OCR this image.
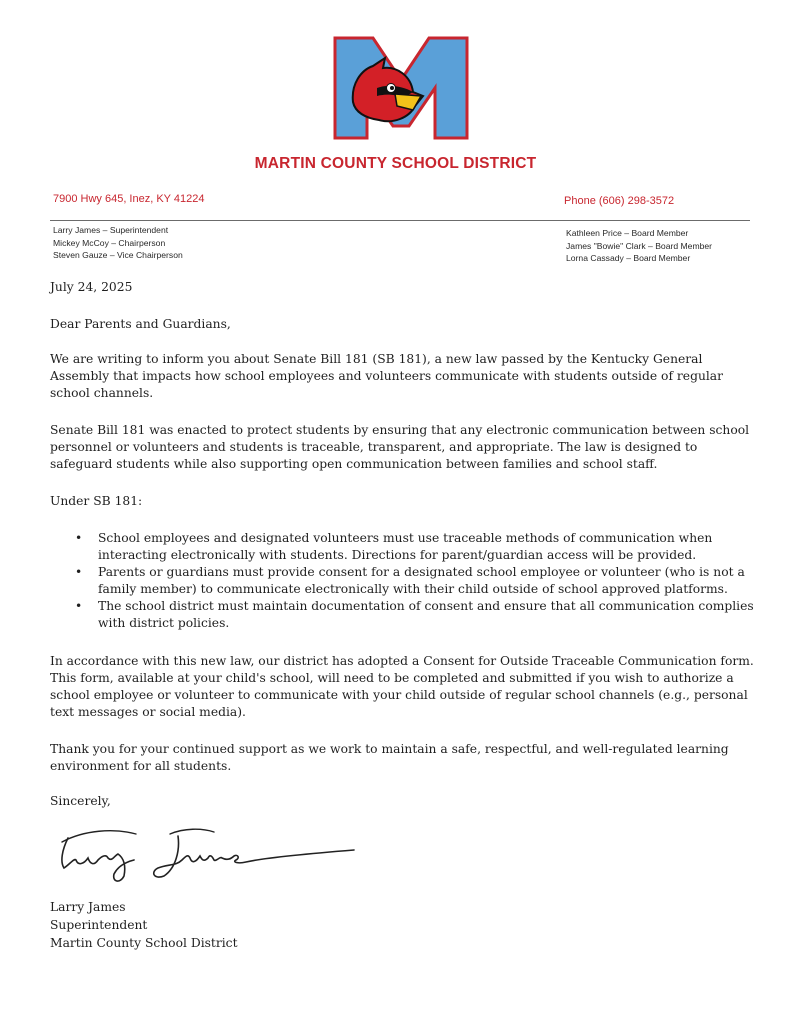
MARTIN COUNTY SCHOOL DISTRICT
7900 Hwy 645, Inez, KY 41224	Phone (606) 298-3572
Larry James – Superintendent
Mickey McCoy – Chairperson
Steven Gauze – Vice Chairperson
Kathleen Price – Board Member
James "Bowie" Clark – Board Member
Lorna Cassady – Board Member
July 24, 2025
Dear Parents and Guardians,

We are writing to inform you about Senate Bill 181 (SB 181), a new law passed by the Kentucky General Assembly that impacts how school employees and volunteers communicate with students outside of regular school channels.

Senate Bill 181 was enacted to protect students by ensuring that any electronic communication between school personnel or volunteers and students is traceable, transparent, and appropriate. The law is designed to safeguard students while also supporting open communication between families and school staff.

Under SB 181:
• School employees and designated volunteers must use traceable methods of communication when interacting electronically with students. Directions for parent/guardian access will be provided.
• Parents or guardians must provide consent for a designated school employee or volunteer (who is not a family member) to communicate electronically with their child outside of school approved platforms.
• The school district must maintain documentation of consent and ensure that all communication complies with district policies.

In accordance with this new law, our district has adopted a Consent for Outside Traceable Communication form. This form, available at your child's school, will need to be completed and submitted if you wish to authorize a school employee or volunteer to communicate with your child outside of regular school channels (e.g., personal text messages or social media).

Thank you for your continued support as we work to maintain a safe, respectful, and well-regulated learning environment for all students.

Sincerely,
Larry James
Superintendent
Martin County School District
